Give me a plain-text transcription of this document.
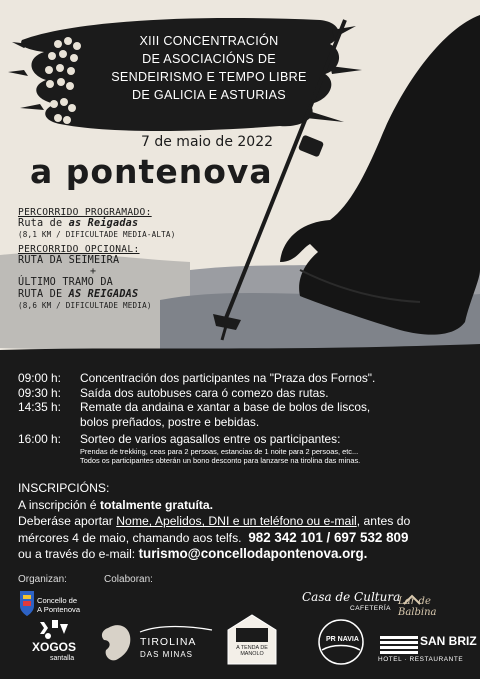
XIII CONCENTRACIÓN
DE ASOCIACIÓNS DE
SENDEIRISMO E TEMPO LIBRE
DE GALICIA E ASTURIAS
7 de maio de 2022
a pontenova
PERCORRIDO PROGRAMADO:
Ruta de as Reigadas
(8,1 KM / DIFICULTADE MEDIA-ALTA)
PERCORRIDO OPCIONAL:
RUTA DA SEIMEIRA
+
ÚLTIMO TRAMO DA
RUTA DE AS REIGADAS
(8,6 KM / DIFICULTADE MEDIA)
09:00 h:	Concentración dos participantes na "Praza dos Fornos".
09:30 h:	Saída dos autobuses cara ó comezo das rutas.
14:35 h:	Remate da andaina e xantar a base de bolos de liscos,
bolos preñados, postre e bebidas.
16:00 h:	Sorteo de varios agasallos entre os participantes:
Prendas de trekking, ceas para 2 persoas, estancias de 1 noite para 2 persoas, etc...
Todos os participantes obterán un bono desconto para lanzarse na tirolina das minas.
INSCRIPCIÓNS:
A inscripción é totalmente gratuíta.
Deberáse aportar Nome, Apelidos, DNI e un teléfono ou e-mail, antes do
mércores 4 de maio, chamando aos telfs. 982 342 101 / 697 532 809
ou a través do e-mail: turismo@concellodapontenova.org.
Organizan:	Colaboran:
Concello de
A Pontenova
XOGOS
santalla
TIROLINA
DAS MINAS
A TENDA DE MANOLO
Casa de Cultura
CAFETERÍA
Lar de Balbina
PR NAVIA	SAN BRIZ
HOTEL · RESTAURANTE
